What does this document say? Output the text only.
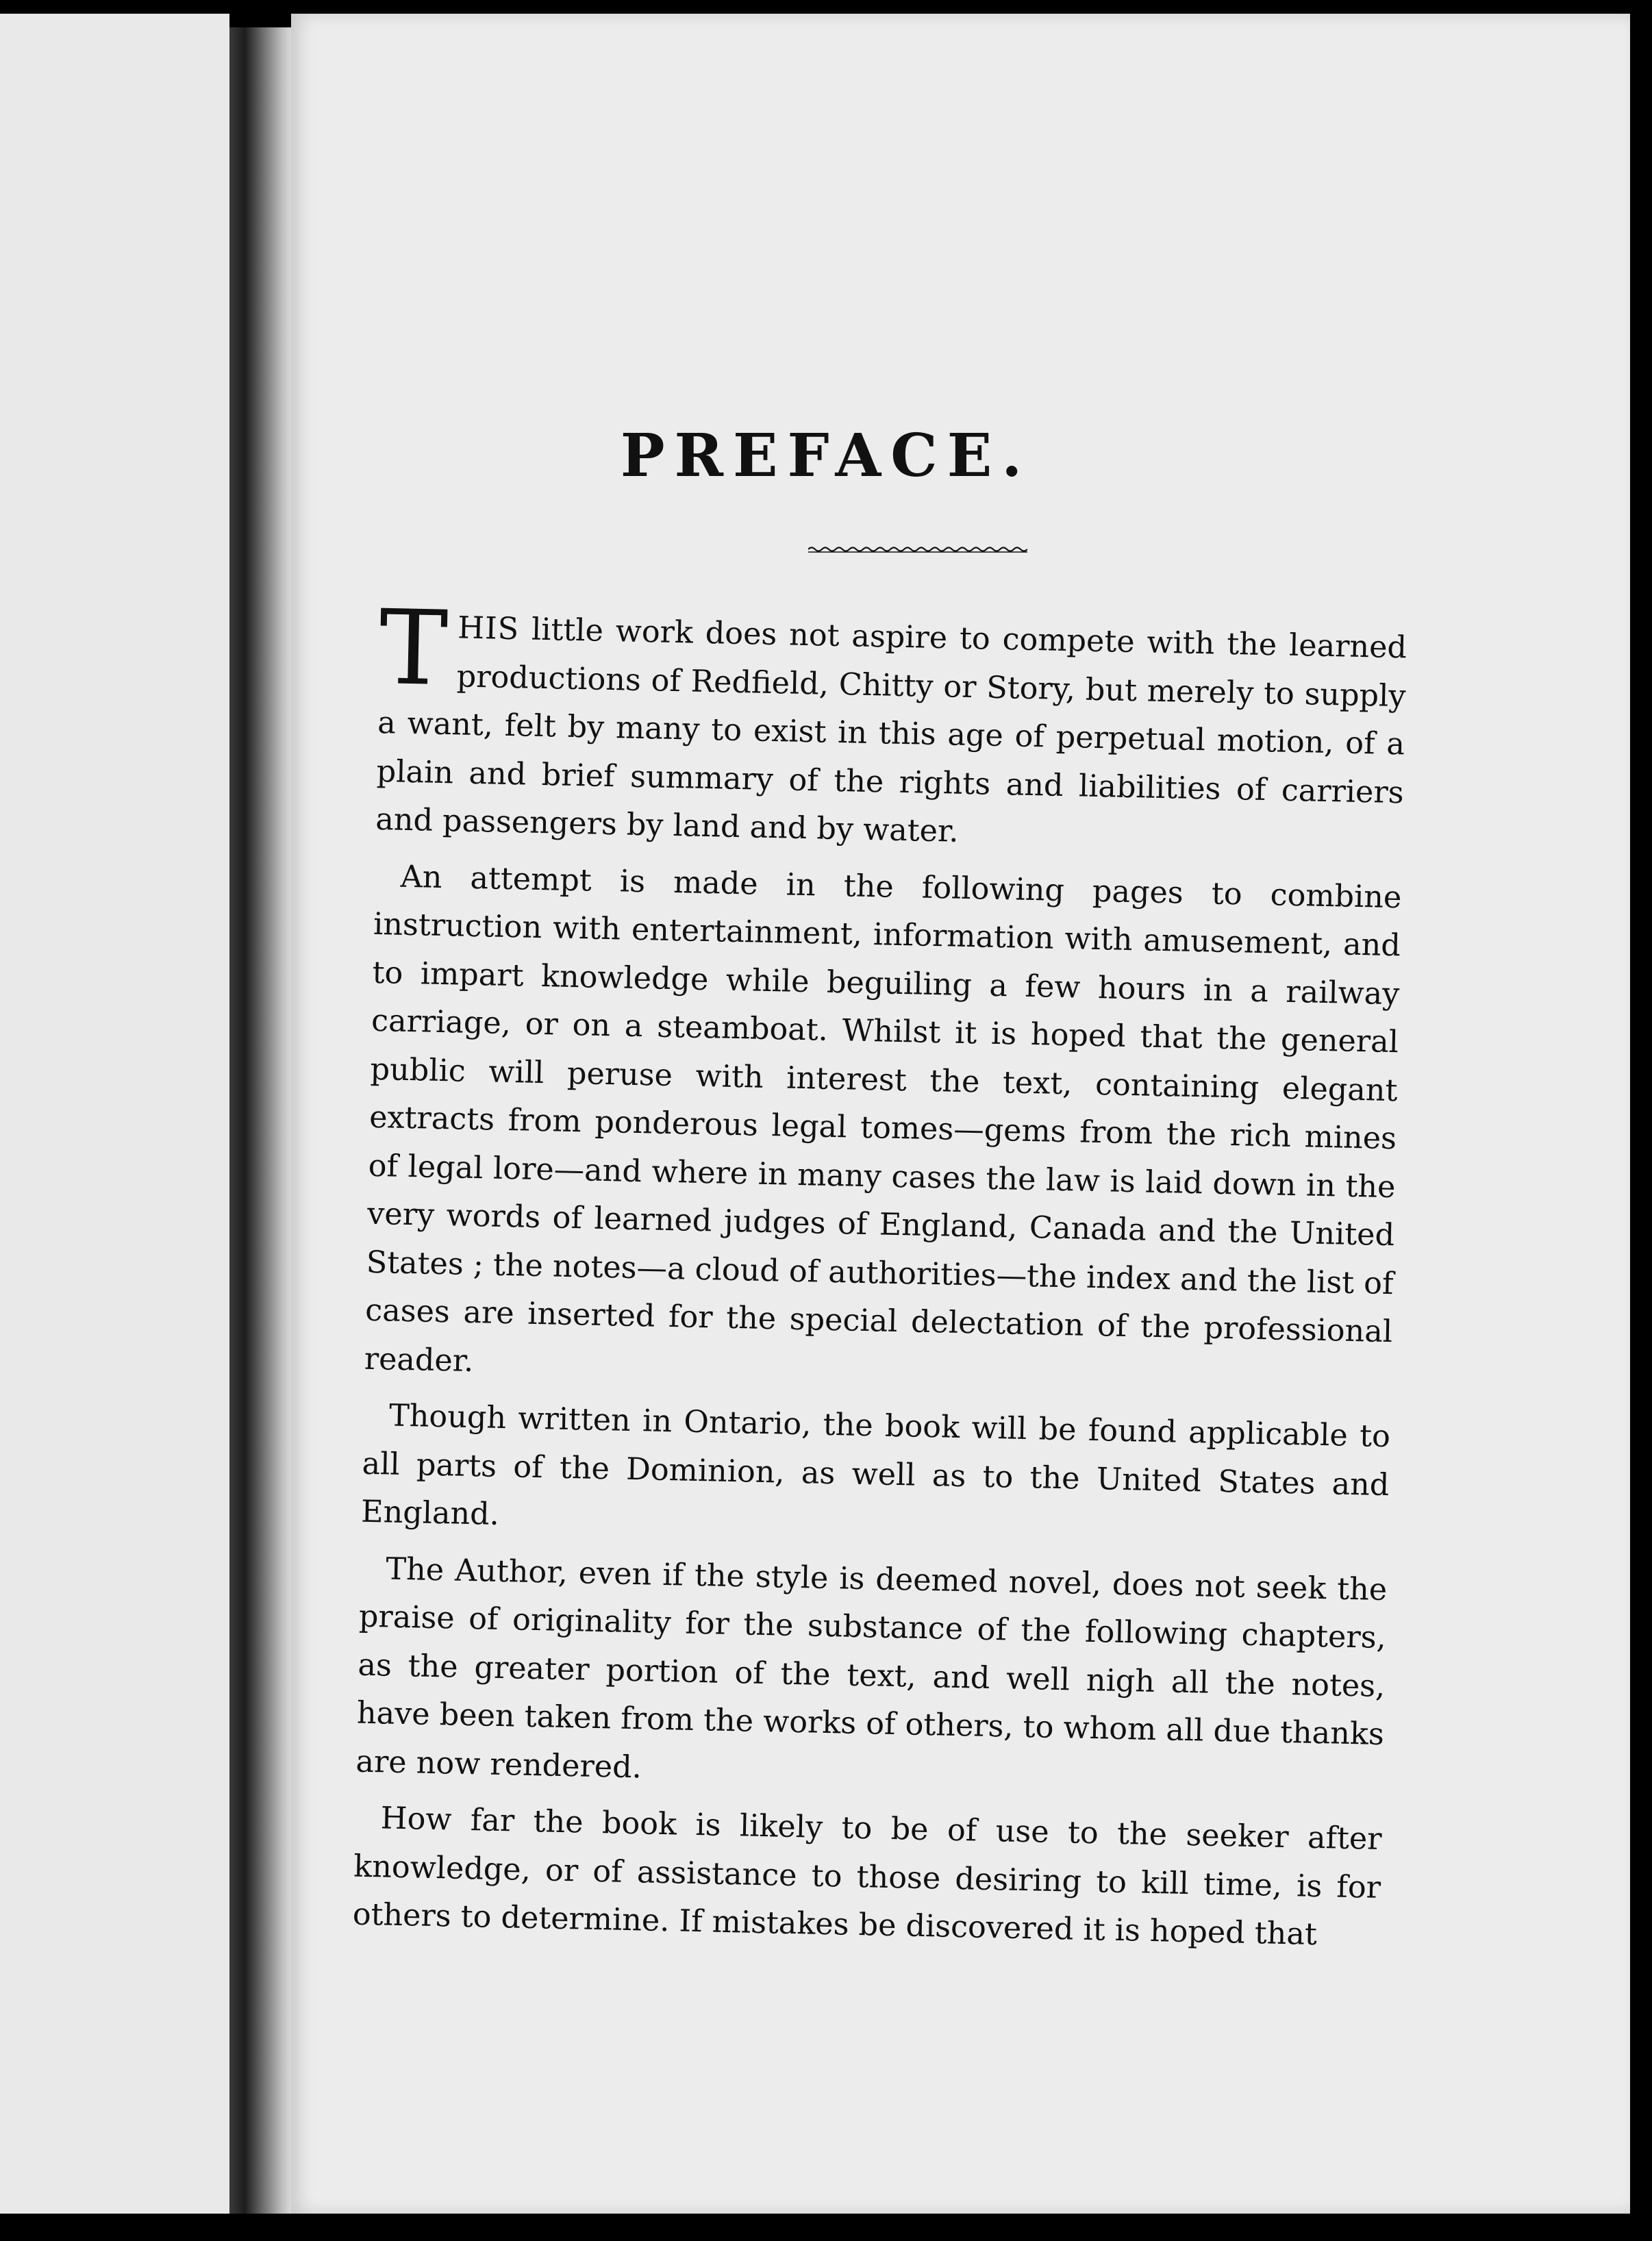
PREFACE.

THIS little work does not aspire to compete with the learned productions of Redfield, Chitty or Story, but merely to supply a want, felt by many to exist in this age of perpetual motion, of a plain and brief summary of the rights and liabilities of carriers and passengers by land and by water.

An attempt is made in the following pages to combine instruction with entertainment, information with amusement, and to impart knowledge while beguiling a few hours in a railway carriage, or on a steamboat. Whilst it is hoped that the general public will peruse with interest the text, containing elegant extracts from ponderous legal tomes—gems from the rich mines of legal lore—and where in many cases the law is laid down in the very words of learned judges of England, Canada and the United States ; the notes—a cloud of authorities—the index and the list of cases are inserted for the special delectation of the professional reader.

Though written in Ontario, the book will be found applicable to all parts of the Dominion, as well as to the United States and England.

The Author, even if the style is deemed novel, does not seek the praise of originality for the substance of the following chapters, as the greater portion of the text, and well nigh all the notes, have been taken from the works of others, to whom all due thanks are now rendered.

How far the book is likely to be of use to the seeker after knowledge, or of assistance to those desiring to kill time, is for others to determine. If mistakes be discovered it is hoped that
